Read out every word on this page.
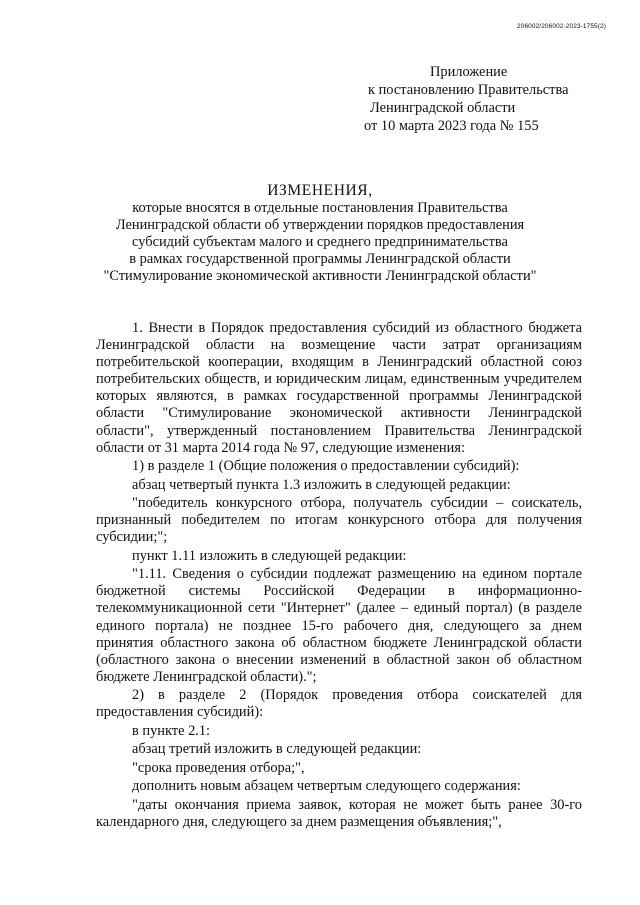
206002/206002-2023-1755(2)
Приложение
к постановлению Правительства
Ленинградской области
от 10 марта 2023 года № 155
ИЗМЕНЕНИЯ,
которые вносятся в отдельные постановления Правительства
Ленинградской области об утверждении порядков предоставления
субсидий субъектам малого и среднего предпринимательства
в рамках государственной программы Ленинградской области
"Стимулирование экономической активности Ленинградской области"

1. Внести в Порядок предоставления субсидий из областного бюджета Ленинградской области на возмещение части затрат организациям потребительской кооперации, входящим в Ленинградский областной союз потребительских обществ, и юридическим лицам, единственным учредителем которых являются, в рамках государственной программы Ленинградской области "Стимулирование экономической активности Ленинградской области", утвержденный постановлением Правительства Ленинградской области от 31 марта 2014 года № 97, следующие изменения:

1) в разделе 1 (Общие положения о предоставлении субсидий):

абзац четвертый пункта 1.3 изложить в следующей редакции:

"победитель конкурсного отбора, получатель субсидии – соискатель, признанный победителем по итогам конкурсного отбора для получения субсидии;";

пункт 1.11 изложить в следующей редакции:

"1.11. Сведения о субсидии подлежат размещению на едином портале бюджетной системы Российской Федерации в информационно-телекоммуникационной сети "Интернет" (далее – единый портал) (в разделе единого портала) не позднее 15-го рабочего дня, следующего за днем принятия областного закона об областном бюджете Ленинградской области (областного закона о внесении изменений в областной закон об областном бюджете Ленинградской области).";

2) в разделе 2 (Порядок проведения отбора соискателей для предоставления субсидий):

в пункте 2.1:

абзац третий изложить в следующей редакции:

"срока проведения отбора;",

дополнить новым абзацем четвертым следующего содержания:

"даты окончания приема заявок, которая не может быть ранее 30-го календарного дня, следующего за днем размещения объявления;",
